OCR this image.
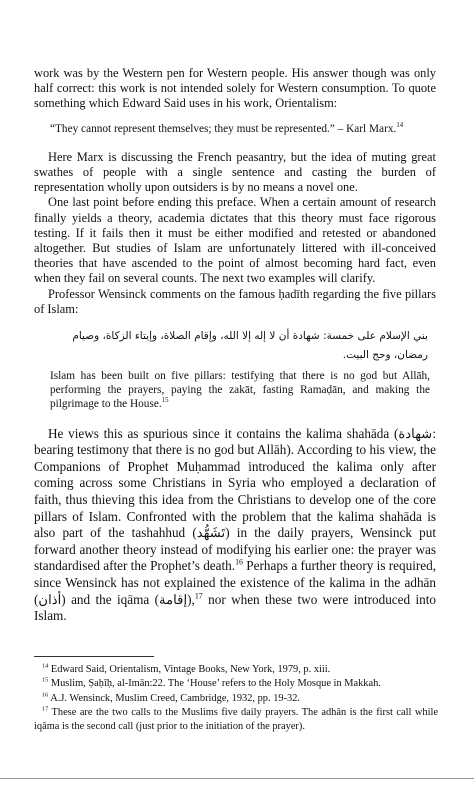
work was by the Western pen for Western people. His answer though was only half correct: this work is not intended solely for Western consumption. To quote something which Edward Said uses in his work, Orientalism:

“They cannot represent themselves; they must be represented.” – Karl Marx.$^{14}$

Here Marx is discussing the French peasantry, but the idea of muting great swathes of people with a single sentence and casting the burden of representation wholly upon outsiders is by no means a novel one.

One last point before ending this preface. When a certain amount of research finally yields a theory, academia dictates that this theory must face rigorous testing. If it fails then it must be either modified and retested or abandoned altogether. But studies of Islam are unfortunately littered with ill-conceived theories that have ascended to the point of almost becoming hard fact, even when they fail on several counts. The next two examples will clarify.

Professor Wensinck comments on the famous ḥadīth regarding the five pillars of Islam:

بني الإسلام على خمسة: شهادة أن لا إله إلا الله، وإقام الصلاة، وإيتاء الزكاة، وصيام رمضان، وحج البيت.

Islam has been built on five pillars: testifying that there is no god but Allāh, performing the prayers, paying the zakāt, fasting Ramaḍān, and making the pilgrimage to the House.$^{15}$

He views this as spurious since it contains the kalima shahāda (شهادة: bearing testimony that there is no god but Allāh). According to his view, the Companions of Prophet Muḥammad introduced the kalima only after coming across some Christians in Syria who employed a declaration of faith, thus thieving this idea from the Christians to develop one of the core pillars of Islam. Confronted with the problem that the kalima shahāda is also part of the tashahhud (تَشَهُّد) in the daily prayers, Wensinck put forward another theory instead of modifying his earlier one: the prayer was standardised after the Prophet’s death.$^{16}$ Perhaps a further theory is required, since Wensinck has not explained the existence of the kalima in the adhān (أذان) and the iqāma (إقامة),$^{17}$ nor when these two were introduced into Islam.

$^{14}$ Edward Said, Orientalism, Vintage Books, New York, 1979, p. xiii.

$^{15}$ Muslim, Ṣaḥīḥ, al-Imān:22. The ‘House’ refers to the Holy Mosque in Makkah.

$^{16}$ A.J. Wensinck, Muslim Creed, Cambridge, 1932, pp. 19-32.

$^{17}$ These are the two calls to the Muslims five daily prayers. The adhān is the first call while iqāma is the second call (just prior to the initiation of the prayer).
